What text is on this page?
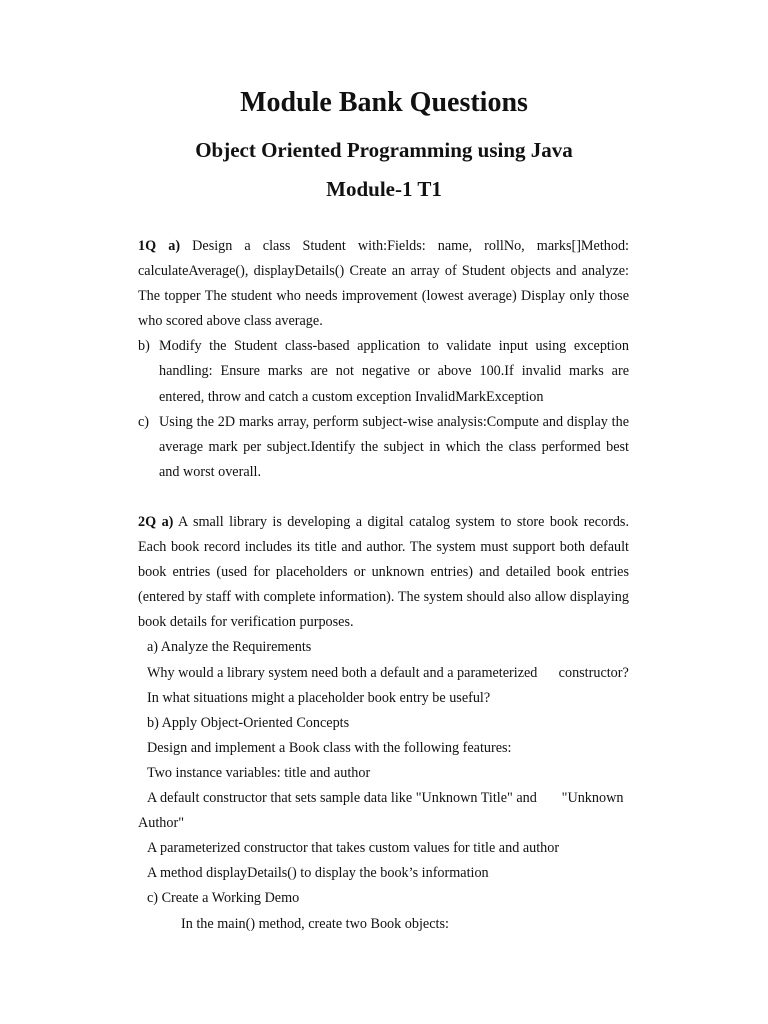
Module Bank Questions
Object Oriented Programming using Java
Module-1 T1
1Q a) Design a class Student with:Fields: name, rollNo, marks[]Method: calculateAverage(), displayDetails() Create an array of Student objects and analyze: The topper The student who needs improvement (lowest average) Display only those who scored above class average.
b) Modify the Student class-based application to validate input using exception handling: Ensure marks are not negative or above 100.If invalid marks are entered, throw and catch a custom exception InvalidMarkException
c) Using the 2D marks array, perform subject-wise analysis:Compute and display the average mark per subject.Identify the subject in which the class performed best and worst overall.
2Q a) A small library is developing a digital catalog system to store book records. Each book record includes its title and author. The system must support both default book entries (used for placeholders or unknown entries) and detailed book entries (entered by staff with complete information). The system should also allow displaying book details for verification purposes.
a) Analyze the Requirements
Why would a library system need both a default and a parameterized      constructor?
In what situations might a placeholder book entry be useful?
b) Apply Object-Oriented Concepts
Design and implement a Book class with the following features:
Two instance variables: title and author
A default constructor that sets sample data like "Unknown Title" and       "Unknown
Author"
A parameterized constructor that takes custom values for title and author
A method displayDetails() to display the book’s information
c) Create a Working Demo
In the main() method, create two Book objects:
